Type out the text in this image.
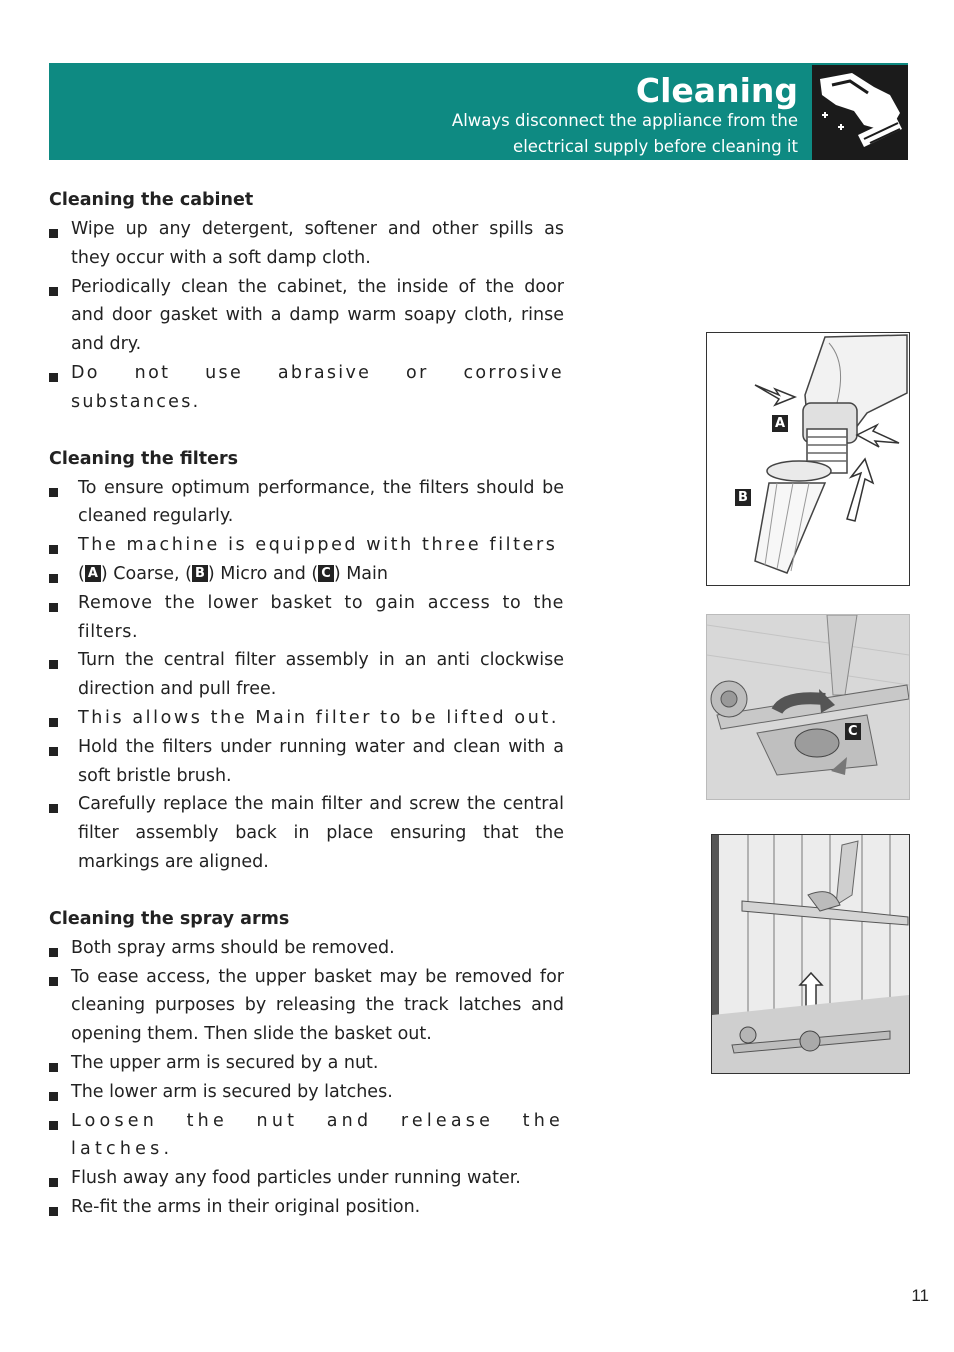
Cleaning
Always disconnect the appliance from the
electrical supply before cleaning it
Cleaning the cabinet
Wipe up any detergent, softener and other spills as they occur with a soft damp cloth.
Periodically clean the cabinet, the inside of the door and door gasket with a damp warm soapy cloth, rinse and dry.
Do not use abrasive or corrosive substances.
Cleaning the filters
To ensure optimum performance, the filters should be cleaned regularly.
The machine is equipped with three filters
( A ) Coarse, ( B ) Micro and ( C ) Main
Remove the lower basket to gain access to the filters.
Turn the central filter assembly in an anti clockwise direction and pull free.
This allows the Main filter to be lifted out.
Hold the filters under running water and clean with a soft bristle brush.
Carefully replace the main filter and screw the central filter assembly back in place ensuring that the markings are aligned.
Cleaning the spray arms
Both spray arms should be removed.
To ease access, the upper basket may be removed for cleaning purposes by releasing the track latches and opening them. Then slide the basket out.
The upper arm is secured by a nut.
The lower arm is secured by latches.
Loosen the nut and release the latches.
Flush away any food particles under running water.
Re-fit the arms in their original position.
A
B
C
11
